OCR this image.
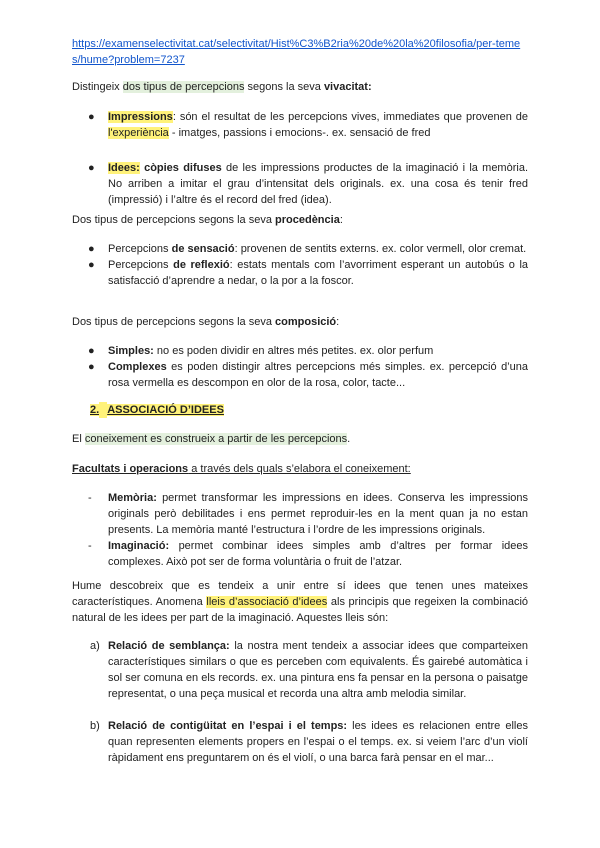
https://examenselectivitat.cat/selectivitat/Hist%C3%B2ria%20de%20la%20filosofia/per-teme
s/hume?problem=7237
Distingeix dos tipus de percepcions segons la seva vivacitat:
● Impressions: són el resultat de les percepcions vives, immediates que provenen de l'experiència - imatges, passions i emocions-. ex. sensació de fred
● Idees: còpies difuses de les impressions productes de la imaginació i la memòria. No arriben a imitar el grau d’intensitat dels originals. ex. una cosa és tenir fred (impressió) i l’altre és el record del fred (idea).
Dos tipus de percepcions segons la seva procedència:
● Percepcions de sensació: provenen de sentits externs. ex. color vermell, olor cremat.
● Percepcions de reflexió: estats mentals com l’avorriment esperant un autobús o la satisfacció d’aprendre a nedar, o la por a la foscor.
Dos tipus de percepcions segons la seva composició:
● Simples: no es poden dividir en altres més petites. ex. olor perfum
● Complexes es poden distingir altres percepcions més simples. ex. percepció d’una rosa vermella es descompon en olor de la rosa, color, tacte...
2. ASSOCIACIÓ D’IDEES
El coneixement es construeix a partir de les percepcions.
Facultats i operacions a través dels quals s’elabora el coneixement:
- Memòria: permet transformar les impressions en idees. Conserva les impressions originals però debilitades i ens permet reproduir-les en la ment quan ja no estan presents. La memòria manté l’estructura i l’ordre de les impressions originals.
- Imaginació: permet combinar idees simples amb d’altres per formar idees complexes. Això pot ser de forma voluntària o fruit de l’atzar.
Hume descobreix que es tendeix a unir entre sí idees que tenen unes mateixes característiques. Anomena lleis d’associació d’idees als principis que regeixen la combinació natural de les idees per part de la imaginació. Aquestes lleis són:
a) Relació de semblança: la nostra ment tendeix a associar idees que comparteixen característiques similars o que es perceben com equivalents. És gairebé automàtica i sol ser comuna en els records. ex. una pintura ens fa pensar en la persona o paisatge representat, o una peça musical et recorda una altra amb melodia similar.
b) Relació de contigüitat en l’espai i el temps: les idees es relacionen entre elles quan representen elements propers en l’espai o el temps. ex. si veiem l’arc d’un violí ràpidament ens preguntarem on és el violí, o una barca farà pensar en el mar...
